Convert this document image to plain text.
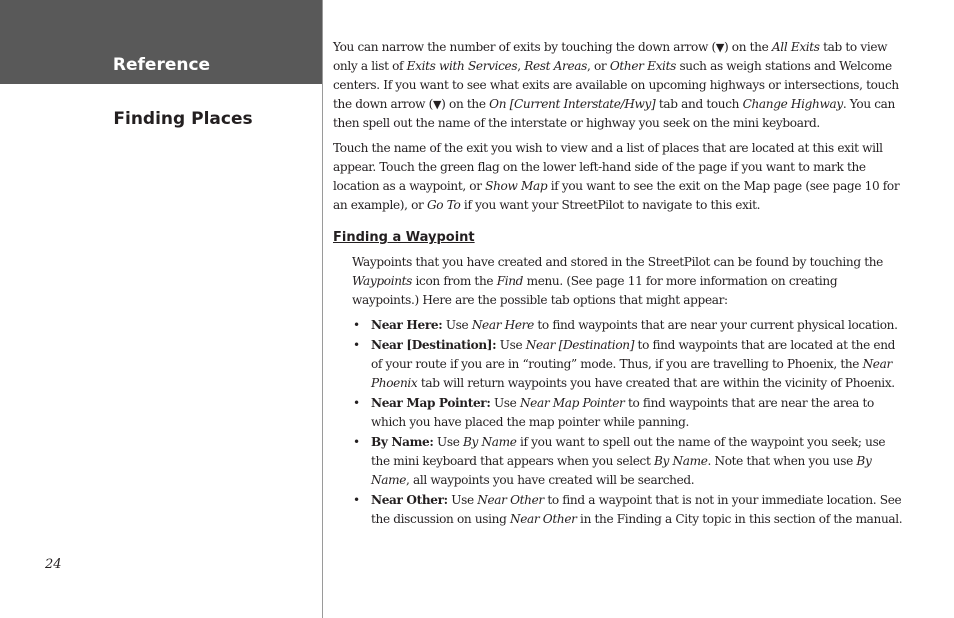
Reference
Finding Places
24

You can narrow the number of exits by touching the down arrow (▼) on the All Exits tab to view only a list of Exits with Services, Rest Areas, or Other Exits such as weigh stations and Welcome centers. If you want to see what exits are available on upcoming highways or intersections, touch the down arrow (▼) on the On [Current Interstate/Hwy] tab and touch Change Highway. You can then spell out the name of the interstate or highway you seek on the mini keyboard.

Touch the name of the exit you wish to view and a list of places that are located at this exit will appear. Touch the green flag on the lower left-hand side of the page if you want to mark the location as a waypoint, or Show Map if you want to see the exit on the Map page (see page 10 for an example), or Go To if you want your StreetPilot to navigate to this exit.

Finding a Waypoint

Waypoints that you have created and stored in the StreetPilot can be found by touching the Waypoints icon from the Find menu. (See page 11 for more information on creating waypoints.) Here are the possible tab options that might appear:

• Near Here: Use Near Here to find waypoints that are near your current physical location.
• Near [Destination]: Use Near [Destination] to find waypoints that are located at the end of your route if you are in “routing” mode. Thus, if you are travelling to Phoenix, the Near Phoenix tab will return waypoints you have created that are within the vicinity of Phoenix.
• Near Map Pointer: Use Near Map Pointer to find waypoints that are near the area to which you have placed the map pointer while panning.
• By Name: Use By Name if you want to spell out the name of the waypoint you seek; use the mini keyboard that appears when you select By Name. Note that when you use By Name, all waypoints you have created will be searched.
• Near Other: Use Near Other to find a waypoint that is not in your immediate location. See the discussion on using Near Other in the Finding a City topic in this section of the manual.
